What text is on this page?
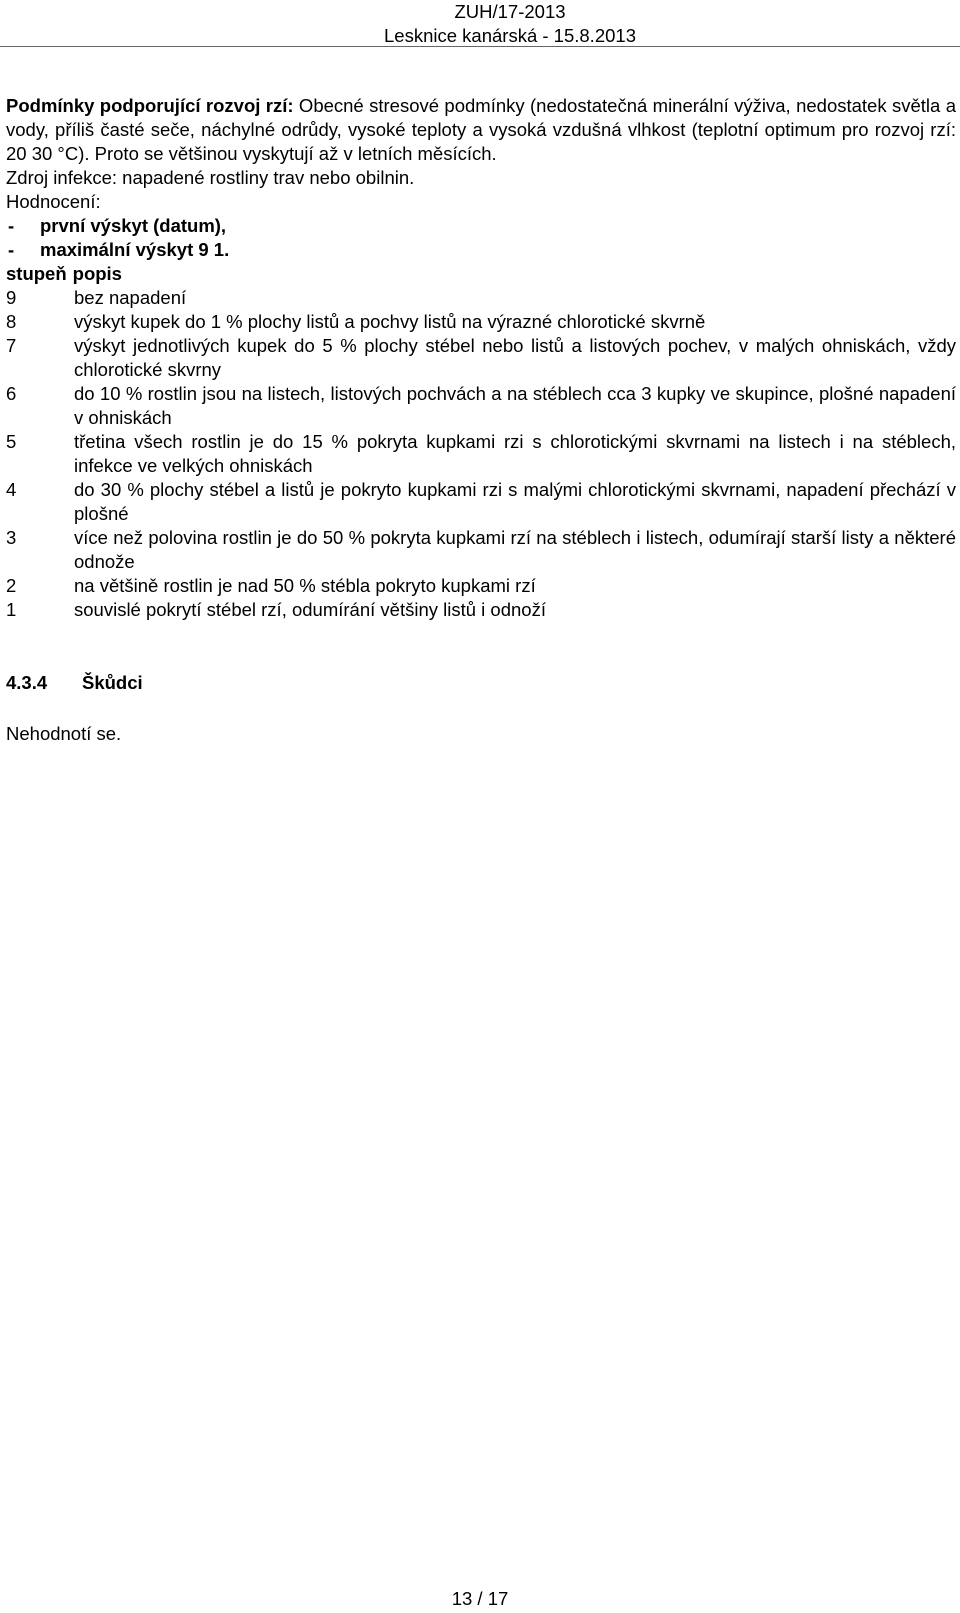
ZUH/17-2013
Lesknice kanárská - 15.8.2013

Podmínky podporující rozvoj rzí: Obecné stresové podmínky (nedostatečná minerální výživa, nedostatek světla a vody, příliš časté seče, náchylné odrůdy, vysoké teploty a vysoká vzdušná vlhkost (teplotní optimum pro rozvoj rzí: 20 30 °C). Proto se většinou vyskytují až v letních měsících.

Zdroj infekce: napadené rostliny trav nebo obilnin.

Hodnocení:

-	první výskyt (datum),
-	maximální výskyt 9 1.

stupeň popis

9	bez napadení
8	výskyt kupek do 1 % plochy listů a pochvy listů na výrazné chlorotické skvrně
7	výskyt jednotlivých kupek do 5 % plochy stébel nebo listů a listových pochev, v malých ohniskách, vždy chlorotické skvrny
6	do 10 % rostlin jsou na listech, listových pochvách a na stéblech cca 3 kupky ve skupince, plošné napadení v ohniskách
5	třetina všech rostlin je do 15 % pokryta kupkami rzi s chlorotickými skvrnami na listech i na stéblech, infekce ve velkých ohniskách
4	do 30 % plochy stébel a listů je pokryto kupkami rzi s malými chlorotickými skvrnami, napadení přechází v plošné
3	více než polovina rostlin je do 50 % pokryta kupkami rzí na stéblech i listech, odumírají starší listy a některé odnože
2	na většině rostlin je nad 50 % stébla pokryto kupkami rzí
1	souvislé pokrytí stébel rzí, odumírání většiny listů i odnoží
4.3.4	Škůdci

Nehodnotí se.

13 / 17
